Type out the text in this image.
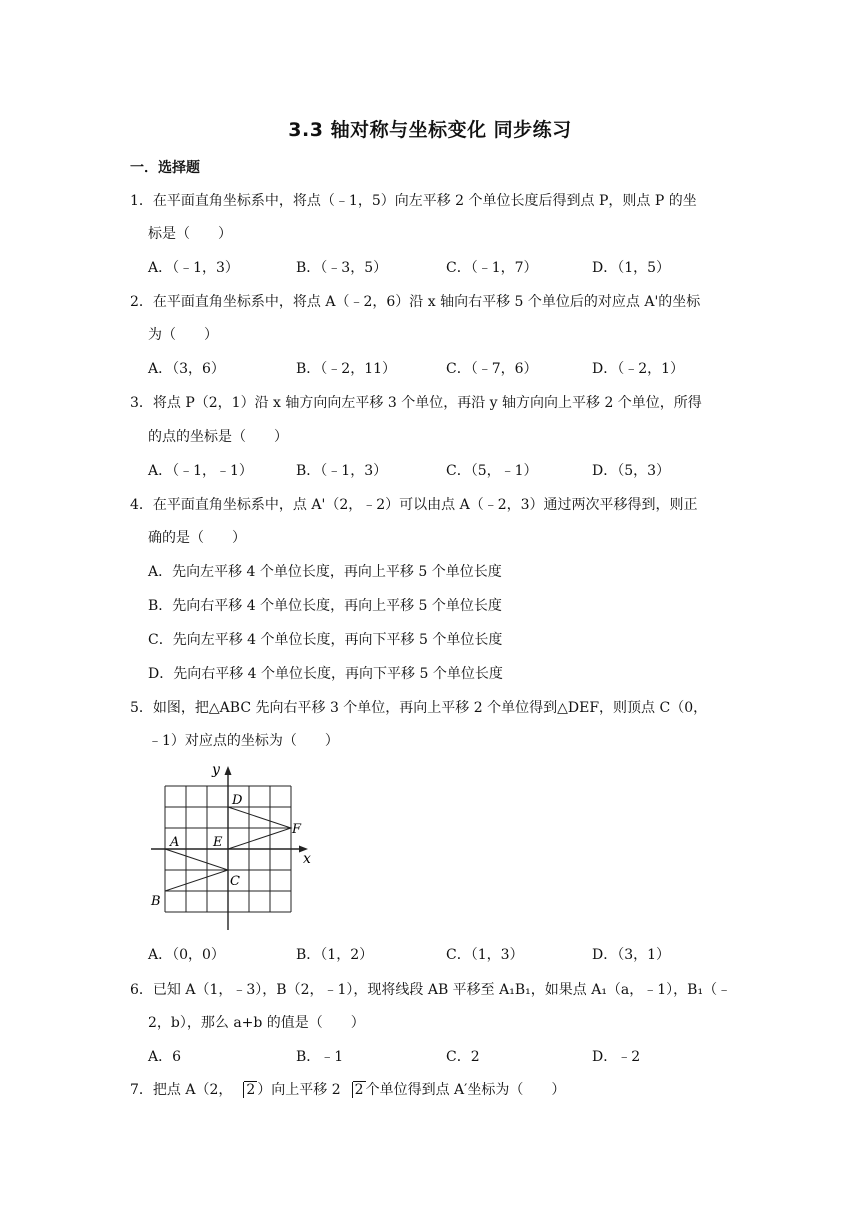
3.3 轴对称与坐标变化 同步练习
一．选择题
1．在平面直角坐标系中，将点（﹣1，5）向左平移 2 个单位长度后得到点 P，则点 P 的坐
标是（　　）
A．（﹣1，3）	B．（﹣3，5）	C．（﹣1，7）	D．（1，5）
2．在平面直角坐标系中，将点 A（﹣2，6）沿 x 轴向右平移 5 个单位后的对应点 A'的坐标
为（　　）
A．（3，6）	B．（﹣2，11）	C．（﹣7，6）	D．（﹣2，1）
3．将点 P（2，1）沿 x 轴方向向左平移 3 个单位，再沿 y 轴方向向上平移 2 个单位，所得
的点的坐标是（　　）
A．（﹣1，﹣1）	B．（﹣1，3）	C．（5，﹣1）	D．（5，3）
4．在平面直角坐标系中，点 A'（2，﹣2）可以由点 A（﹣2，3）通过两次平移得到，则正
确的是（　　）
A．先向左平移 4 个单位长度，再向上平移 5 个单位长度
B．先向右平移 4 个单位长度，再向上平移 5 个单位长度
C．先向左平移 4 个单位长度，再向下平移 5 个单位长度
D．先向右平移 4 个单位长度，再向下平移 5 个单位长度
5．如图，把△ABC 先向右平移 3 个单位，再向上平移 2 个单位得到△DEF，则顶点 C（0，
﹣1）对应点的坐标为（　　）
y
x
A
B
C
D
E
F
A．（0，0）	B．（1，2）	C．（1，3）	D．（3，1）
6．已知 A（1，﹣3），B（2，﹣1），现将线段 AB 平移至 A₁B₁，如果点 A₁（a，﹣1），B₁（﹣
2，b），那么 a+b 的值是（　　）
A．6	B．﹣1	C．2	D．﹣2
7．把点 A（2， 2 ）向上平移 2 2 个单位得到点 A′坐标为（　　）
